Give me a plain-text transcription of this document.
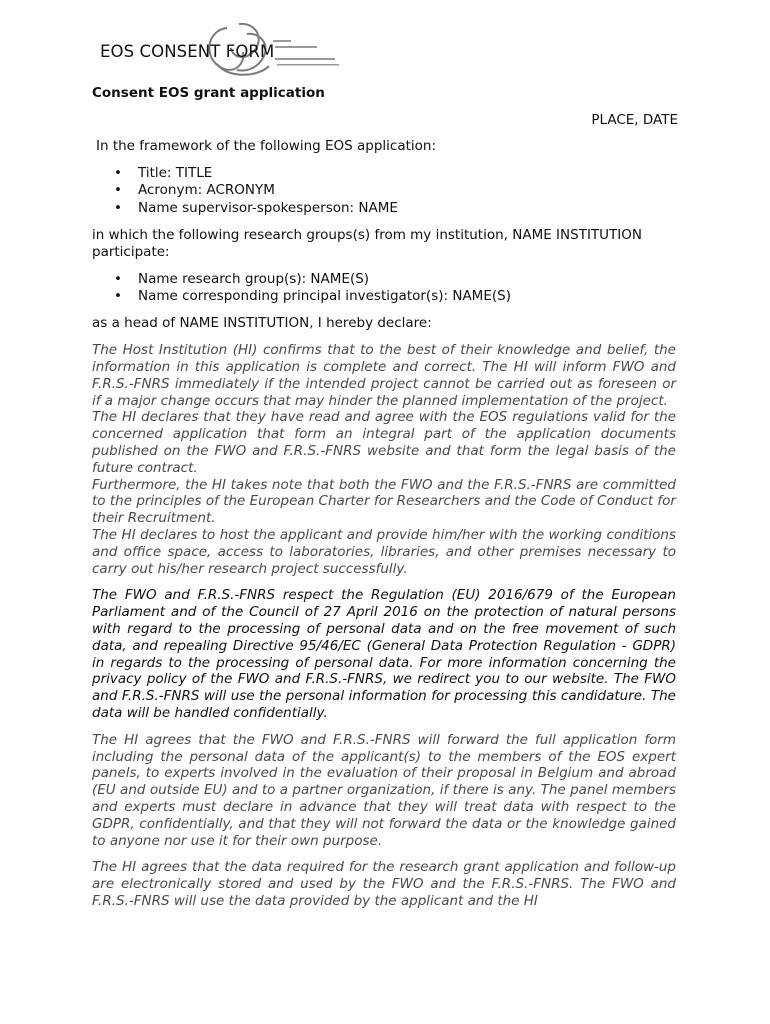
EOS CONSENT FORM
Consent EOS grant application
PLACE, DATE

In the framework of the following EOS application:

• Title: TITLE
• Acronym: ACRONYM
• Name supervisor-spokesperson: NAME

in which the following research groups(s) from my institution, NAME INSTITUTION participate:

• Name research group(s): NAME(S)
• Name corresponding principal investigator(s): NAME(S)

as a head of NAME INSTITUTION, I hereby declare:

The Host Institution (HI) confirms that to the best of their knowledge and belief, the information in this application is complete and correct. The HI will inform FWO and F.R.S.-FNRS immediately if the intended project cannot be carried out as foreseen or if a major change occurs that may hinder the planned implementation of the project.

The HI declares that they have read and agree with the EOS regulations valid for the concerned application that form an integral part of the application documents published on the FWO and F.R.S.-FNRS website and that form the legal basis of the future contract.

Furthermore, the HI takes note that both the FWO and the F.R.S.-FNRS are committed to the principles of the European Charter for Researchers and the Code of Conduct for their Recruitment.

The HI declares to host the applicant and provide him/her with the working conditions and office space, access to laboratories, libraries, and other premises necessary to carry out his/her research project successfully.

The FWO and F.R.S.-FNRS respect the Regulation (EU) 2016/679 of the European Parliament and of the Council of 27 April 2016 on the protection of natural persons with regard to the processing of personal data and on the free movement of such data, and repealing Directive 95/46/EC (General Data Protection Regulation - GDPR) in regards to the processing of personal data. For more information concerning the privacy policy of the FWO and F.R.S.-FNRS, we redirect you to our website. The FWO and F.R.S.-FNRS will use the personal information for processing this candidature. The data will be handled confidentially.

The HI agrees that the FWO and F.R.S.-FNRS will forward the full application form including the personal data of the applicant(s) to the members of the EOS expert panels, to experts involved in the evaluation of their proposal in Belgium and abroad (EU and outside EU) and to a partner organization, if there is any. The panel members and experts must declare in advance that they will treat data with respect to the GDPR, confidentially, and that they will not forward the data or the knowledge gained to anyone nor use it for their own purpose.

The HI agrees that the data required for the research grant application and follow-up are electronically stored and used by the FWO and the F.R.S.-FNRS. The FWO and F.R.S.-FNRS will use the data provided by the applicant and the HI
